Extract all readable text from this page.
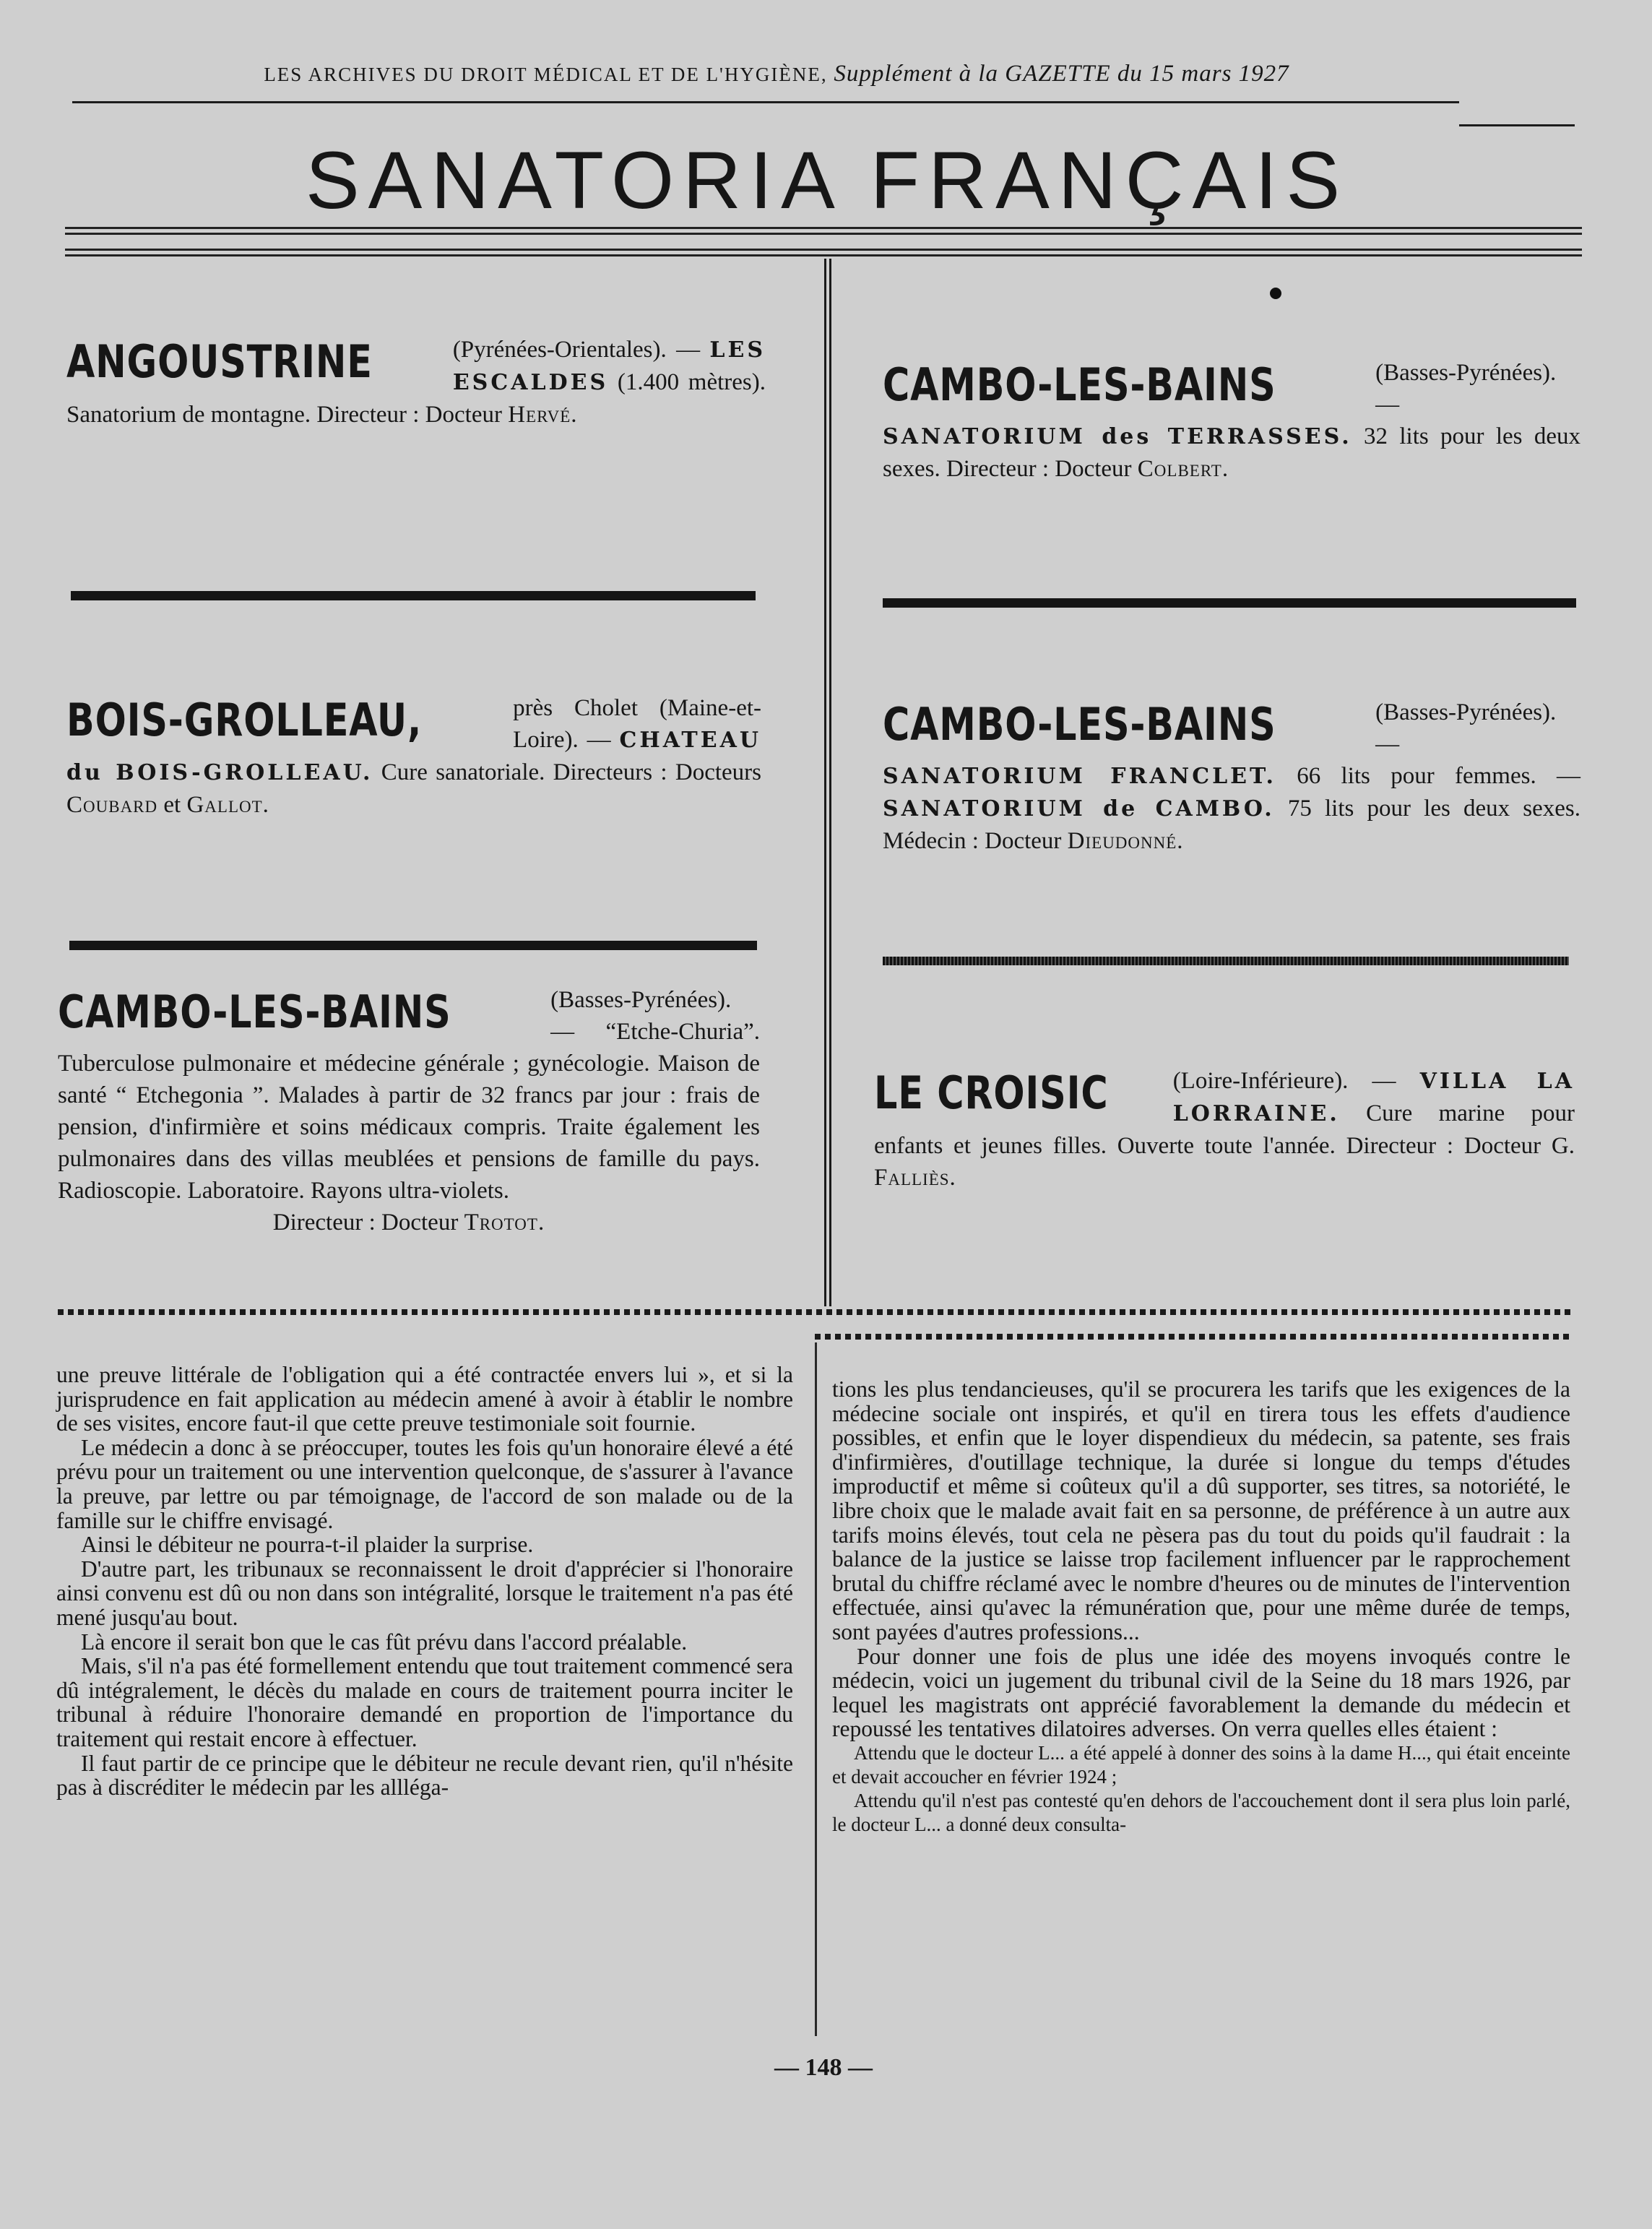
LES ARCHIVES DU DROIT MÉDICAL ET DE L'HYGIÈNE, Supplément à la GAZETTE du 15 mars 1927
SANATORIA FRANÇAIS
ANGOUSTRINE	(Pyrénées-Orientales). — LES ESCALDES (1.400 mètres). Sanatorium de montagne. Directeur : Docteur Hervé.
BOIS-GROLLEAU,	près Cholet (Maine-et-Loire). — CHATEAU du BOIS-GROLLEAU. Cure sanatoriale. Directeurs : Docteurs Coubard et Gallot.
CAMBO-LES-BAINS	(Basses-Pyrénées). — “Etche-Churia”. Tuberculose pulmonaire et médecine générale ; gynécologie. Maison de santé “ Etchegonia ”. Malades à partir de 32 francs par jour : frais de pension, d'infirmière et soins médicaux compris. Traite également les pulmonaires dans des villas meublées et pensions de famille du pays. Radioscopie. Laboratoire. Rayons ultra-violets.
Directeur : Docteur Trotot.
CAMBO-LES-BAINS	(Basses-Pyrénées). — SANATORIUM des TERRASSES. 32 lits pour les deux sexes. Directeur : Docteur Colbert.
CAMBO-LES-BAINS	(Basses-Pyrénées). — SANATORIUM FRANCLET. 66 lits pour femmes. — SANATORIUM de CAMBO. 75 lits pour les deux sexes. Médecin : Docteur Dieudonné.
LE CROISIC	(Loire-Inférieure). — VILLA LA LORRAINE. Cure marine pour enfants et jeunes filles. Ouverte toute l'année. Directeur : Docteur G. Falliès.

une preuve littérale de l'obligation qui a été contractée envers lui », et si la jurisprudence en fait application au médecin amené à avoir à établir le nombre de ses visites, encore faut-il que cette preuve testimoniale soit fournie.

Le médecin a donc à se préoccuper, toutes les fois qu'un honoraire élevé a été prévu pour un traitement ou une intervention quelconque, de s'assurer à l'avance la preuve, par lettre ou par témoignage, de l'accord de son malade ou de la famille sur le chiffre envisagé.

Ainsi le débiteur ne pourra-t-il plaider la surprise.

D'autre part, les tribunaux se reconnaissent le droit d'apprécier si l'honoraire ainsi convenu est dû ou non dans son intégralité, lorsque le traitement n'a pas été mené jusqu'au bout.

Là encore il serait bon que le cas fût prévu dans l'accord préalable.

Mais, s'il n'a pas été formellement entendu que tout traitement commencé sera dû intégralement, le décès du malade en cours de traitement pourra inciter le tribunal à réduire l'honoraire demandé en proportion de l'importance du traitement qui restait encore à effectuer.

Il faut partir de ce principe que le débiteur ne recule devant rien, qu'il n'hésite pas à discréditer le médecin par les allléga-

tions les plus tendancieuses, qu'il se procurera les tarifs que les exigences de la médecine sociale ont inspirés, et qu'il en tirera tous les effets d'audience possibles, et enfin que le loyer dispendieux du médecin, sa patente, ses frais d'infirmières, d'outillage technique, la durée si longue du temps d'études improductif et même si coûteux qu'il a dû supporter, ses titres, sa notoriété, le libre choix que le malade avait fait en sa personne, de préférence à un autre aux tarifs moins élevés, tout cela ne pèsera pas du tout du poids qu'il faudrait : la balance de la justice se laisse trop facilement influencer par le rapprochement brutal du chiffre réclamé avec le nombre d'heures ou de minutes de l'intervention effectuée, ainsi qu'avec la rémunération que, pour une même durée de temps, sont payées d'autres professions...

Pour donner une fois de plus une idée des moyens invoqués contre le médecin, voici un jugement du tribunal civil de la Seine du 18 mars 1926, par lequel les magistrats ont apprécié favorablement la demande du médecin et repoussé les tentatives dilatoires adverses. On verra quelles elles étaient :

Attendu que le docteur L... a été appelé à donner des soins à la dame H..., qui était enceinte et devait accoucher en février 1924 ;

Attendu qu'il n'est pas contesté qu'en dehors de l'accouchement dont il sera plus loin parlé, le docteur L... a donné deux consulta-

— 148 —
